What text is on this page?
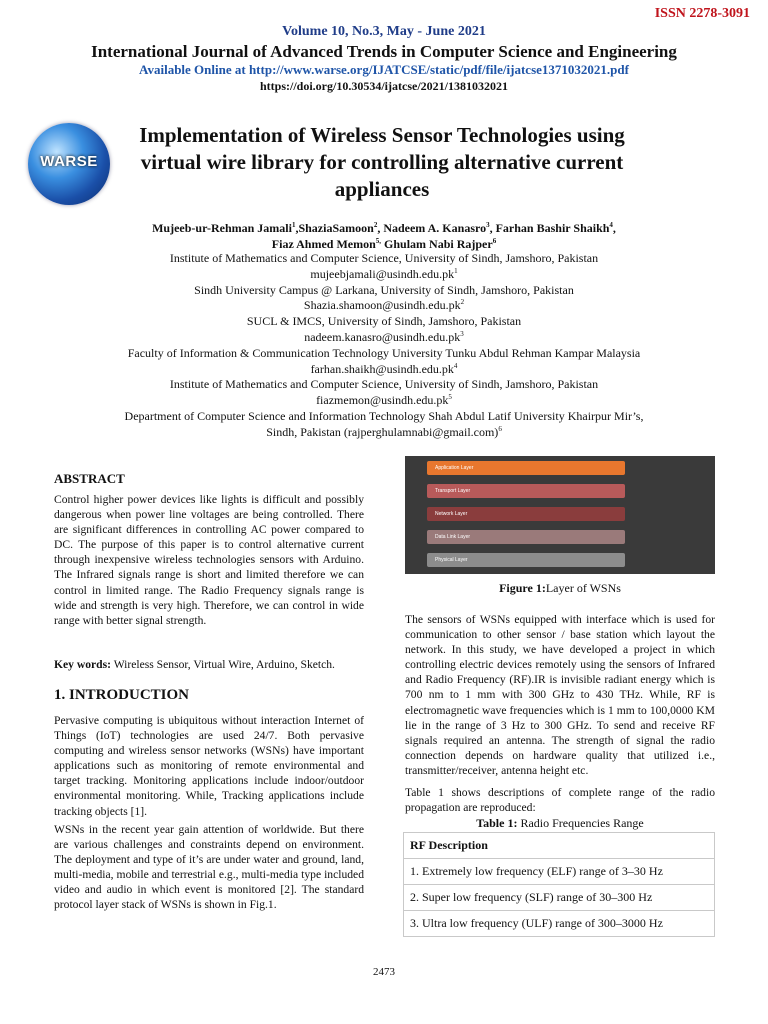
ISSN 2278-3091
Volume 10, No.3, May - June 2021
International Journal of Advanced Trends in Computer Science and Engineering
Available Online at http://www.warse.org/IJATCSE/static/pdf/file/ijatcse1371032021.pdf
https://doi.org/10.30534/ijatcse/2021/1381032021
WARSE
Implementation of Wireless Sensor Technologies using virtual wire library for controlling alternative current appliances
Mujeeb-ur-Rehman Jamali$^1$,ShaziaSamoon$^2$, Nadeem A. Kanasro$^3$, Farhan Bashir Shaikh$^4$,
Fiaz Ahmed Memon$^{5,}$ Ghulam Nabi Rajper$^6$
Institute of Mathematics and Computer Science, University of Sindh, Jamshoro, Pakistan
$mujeebjamali@usindh.edu.pk^1$
Sindh University Campus @ Larkana, University of Sindh, Jamshoro, Pakistan
$Shazia.shamoon@usindh.edu.pk^2$
SUCL & IMCS, University of Sindh, Jamshoro, Pakistan
$nadeem.kanasro@usindh.edu.pk^3$
Faculty of Information & Communication Technology University Tunku Abdul Rehman Kampar Malaysia
$farhan.shaikh@usindh.edu.pk^4$
Institute of Mathematics and Computer Science, University of Sindh, Jamshoro, Pakistan
$fiazmemon@usindh.edu.pk^5$
Department of Computer Science and Information Technology Shah Abdul Latif University Khairpur Mir’s,
Sindh, Pakistan (rajperghulamnabi@gmail.com)$^6$
ABSTRACT
Control higher power devices like lights is difficult and possibly dangerous when power line voltages are being controlled. There are significant differences in controlling AC power compared to DC. The purpose of this paper is to control alternative current through inexpensive wireless technologies sensors with Arduino. The Infrared signals range is short and limited therefore we can control in limited range. The Radio Frequency signals range is wide and strength is very high. Therefore, we can control in wide range with better signal strength.
Key words: Wireless Sensor, Virtual Wire, Arduino, Sketch.
1. INTRODUCTION
Pervasive computing is ubiquitous without interaction Internet of Things (IoT) technologies are used 24/7. Both pervasive computing and wireless sensor networks (WSNs) have important applications such as monitoring of remote environmental and target tracking. Monitoring applications include indoor/outdoor environmental monitoring. While, Tracking applications include tracking objects [1].
WSNs in the recent year gain attention of worldwide. But there are various challenges and constraints depend on environment. The deployment and type of it’s are under water and ground, land, multi-media, mobile and terrestrial e.g., multi-media type included video and audio in which event is monitored [2]. The standard protocol layer stack of WSNs is shown in Fig.1.
Application Layer
Transport Layer
Network Layer
Data Link Layer
Physical Layer
Figure 1:Layer of WSNs
The sensors of WSNs equipped with interface which is used for communication to other sensor / base station which layout the network. In this study, we have developed a project in which controlling electric devices remotely using the sensors of Infrared and Radio Frequency (RF).IR is invisible radiant energy which is 700 nm to 1 mm with 300 GHz to 430 THz. While, RF is electromagnetic wave frequencies which is 1 mm to 100,0000 KM lie in the range of 3 Hz to 300 GHz. To send and receive RF signals required an antenna. The strength of signal the radio connection depends on hardware quality that utilized i.e., transmitter/receiver, antenna height etc.
Table 1 shows descriptions of complete range of the radio propagation are reproduced:
Table 1: Radio Frequencies Range
RF Description
1. Extremely low frequency (ELF) range of 3–30 Hz
2. Super low frequency (SLF) range of 30–300 Hz
3. Ultra low frequency (ULF) range of 300–3000 Hz
2473
